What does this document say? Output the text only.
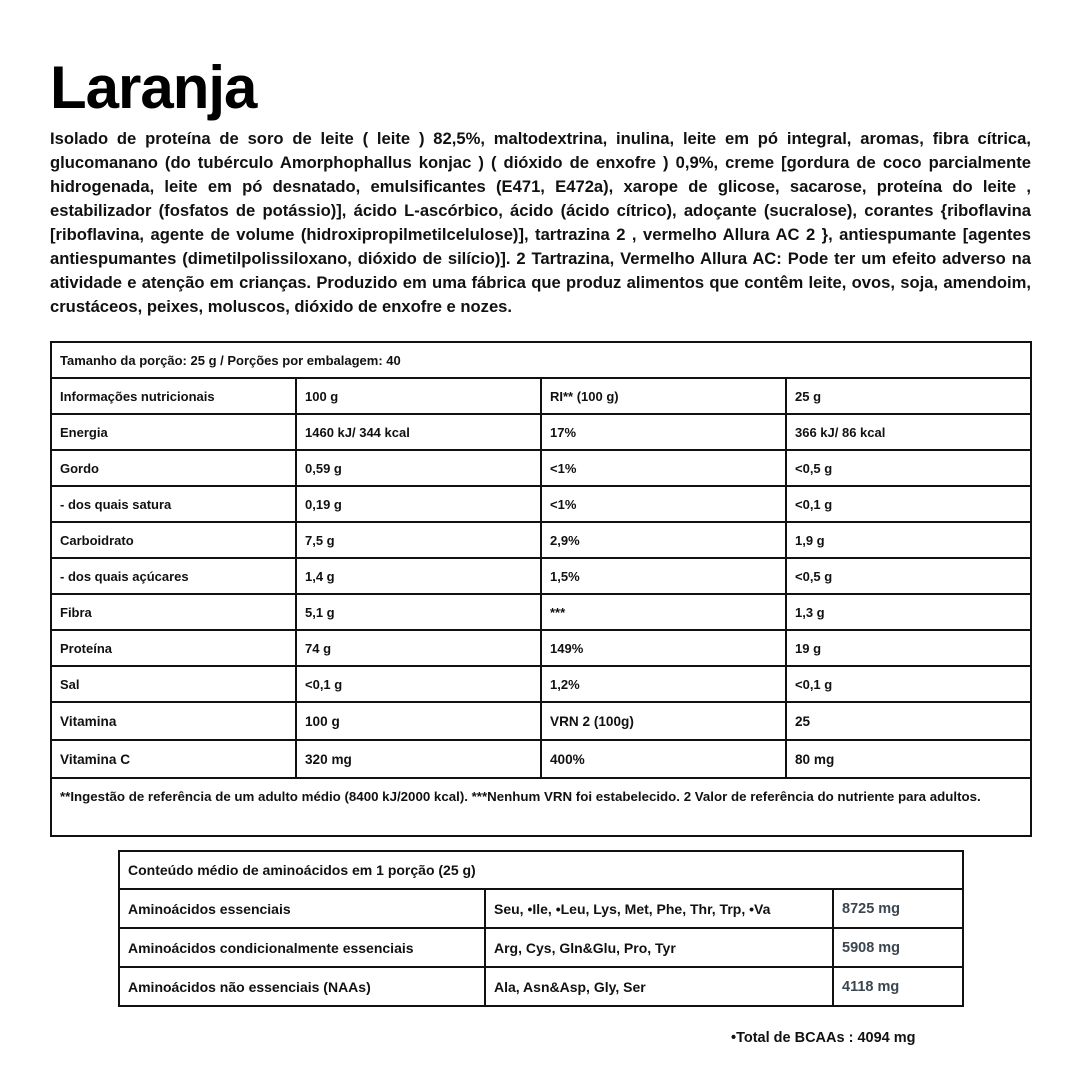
Laranja

Isolado de proteína de soro de leite ( leite ) 82,5%, maltodextrina, inulina, leite em pó integral, aromas, fibra cítrica, glucomanano (do tubérculo Amorphophallus konjac ) ( dióxido de enxofre ) 0,9%, creme [gordura de coco parcialmente hidrogenada, leite em pó desnatado, emulsificantes (E471, E472a), xarope de glicose, sacarose, proteína do leite , estabilizador (fosfatos de potássio)], ácido L-ascórbico, ácido (ácido cítrico), adoçante (sucralose), corantes {riboflavina [riboflavina, agente de volume (hidroxipropilmetilcelulose)], tartrazina 2 , vermelho Allura AC 2 }, antiespumante [agentes antiespumantes (dimetilpolissiloxano, dióxido de silício)]. 2 Tartrazina, Vermelho Allura AC: Pode ter um efeito adverso na atividade e atenção em crianças. Produzido em uma fábrica que produz alimentos que contêm leite, ovos, soja, amendoim, crustáceos, peixes, moluscos, dióxido de enxofre e nozes.

Tamanho da porção: 25 g / Porções por embalagem: 40			
Informações nutricionais	100 g	RI** (100 g)	25 g
Energia	1460 kJ/ 344 kcal	17%	366 kJ/ 86 kcal
Gordo	0,59 g	<1%	<0,5 g
- dos quais satura	0,19 g	<1%	<0,1 g
Carboidrato	7,5 g	2,9%	1,9 g
- dos quais açúcares	1,4 g	1,5%	<0,5 g
Fibra	5,1 g	***	1,3 g
Proteína	74 g	149%	19 g
Sal	<0,1 g	1,2%	<0,1 g
Vitamina	100 g	VRN 2 (100g)	25
Vitamina C	320 mg	400%	80 mg
**Ingestão de referência de um adulto médio (8400 kJ/2000 kcal). ***Nenhum VRN foi estabelecido. 2 Valor de referência do nutriente para adultos.			
Conteúdo médio de aminoácidos em 1 porção (25 g)		
Aminoácidos essenciais	Seu, •Ile, •Leu, Lys, Met, Phe, Thr, Trp, •Va	8725 mg
Aminoácidos condicionalmente essenciais	Arg, Cys, Gln&Glu, Pro, Tyr	5908 mg
Aminoácidos não essenciais (NAAs)	Ala, Asn&Asp, Gly, Ser	4118 mg
•Total de BCAAs : 4094 mg
